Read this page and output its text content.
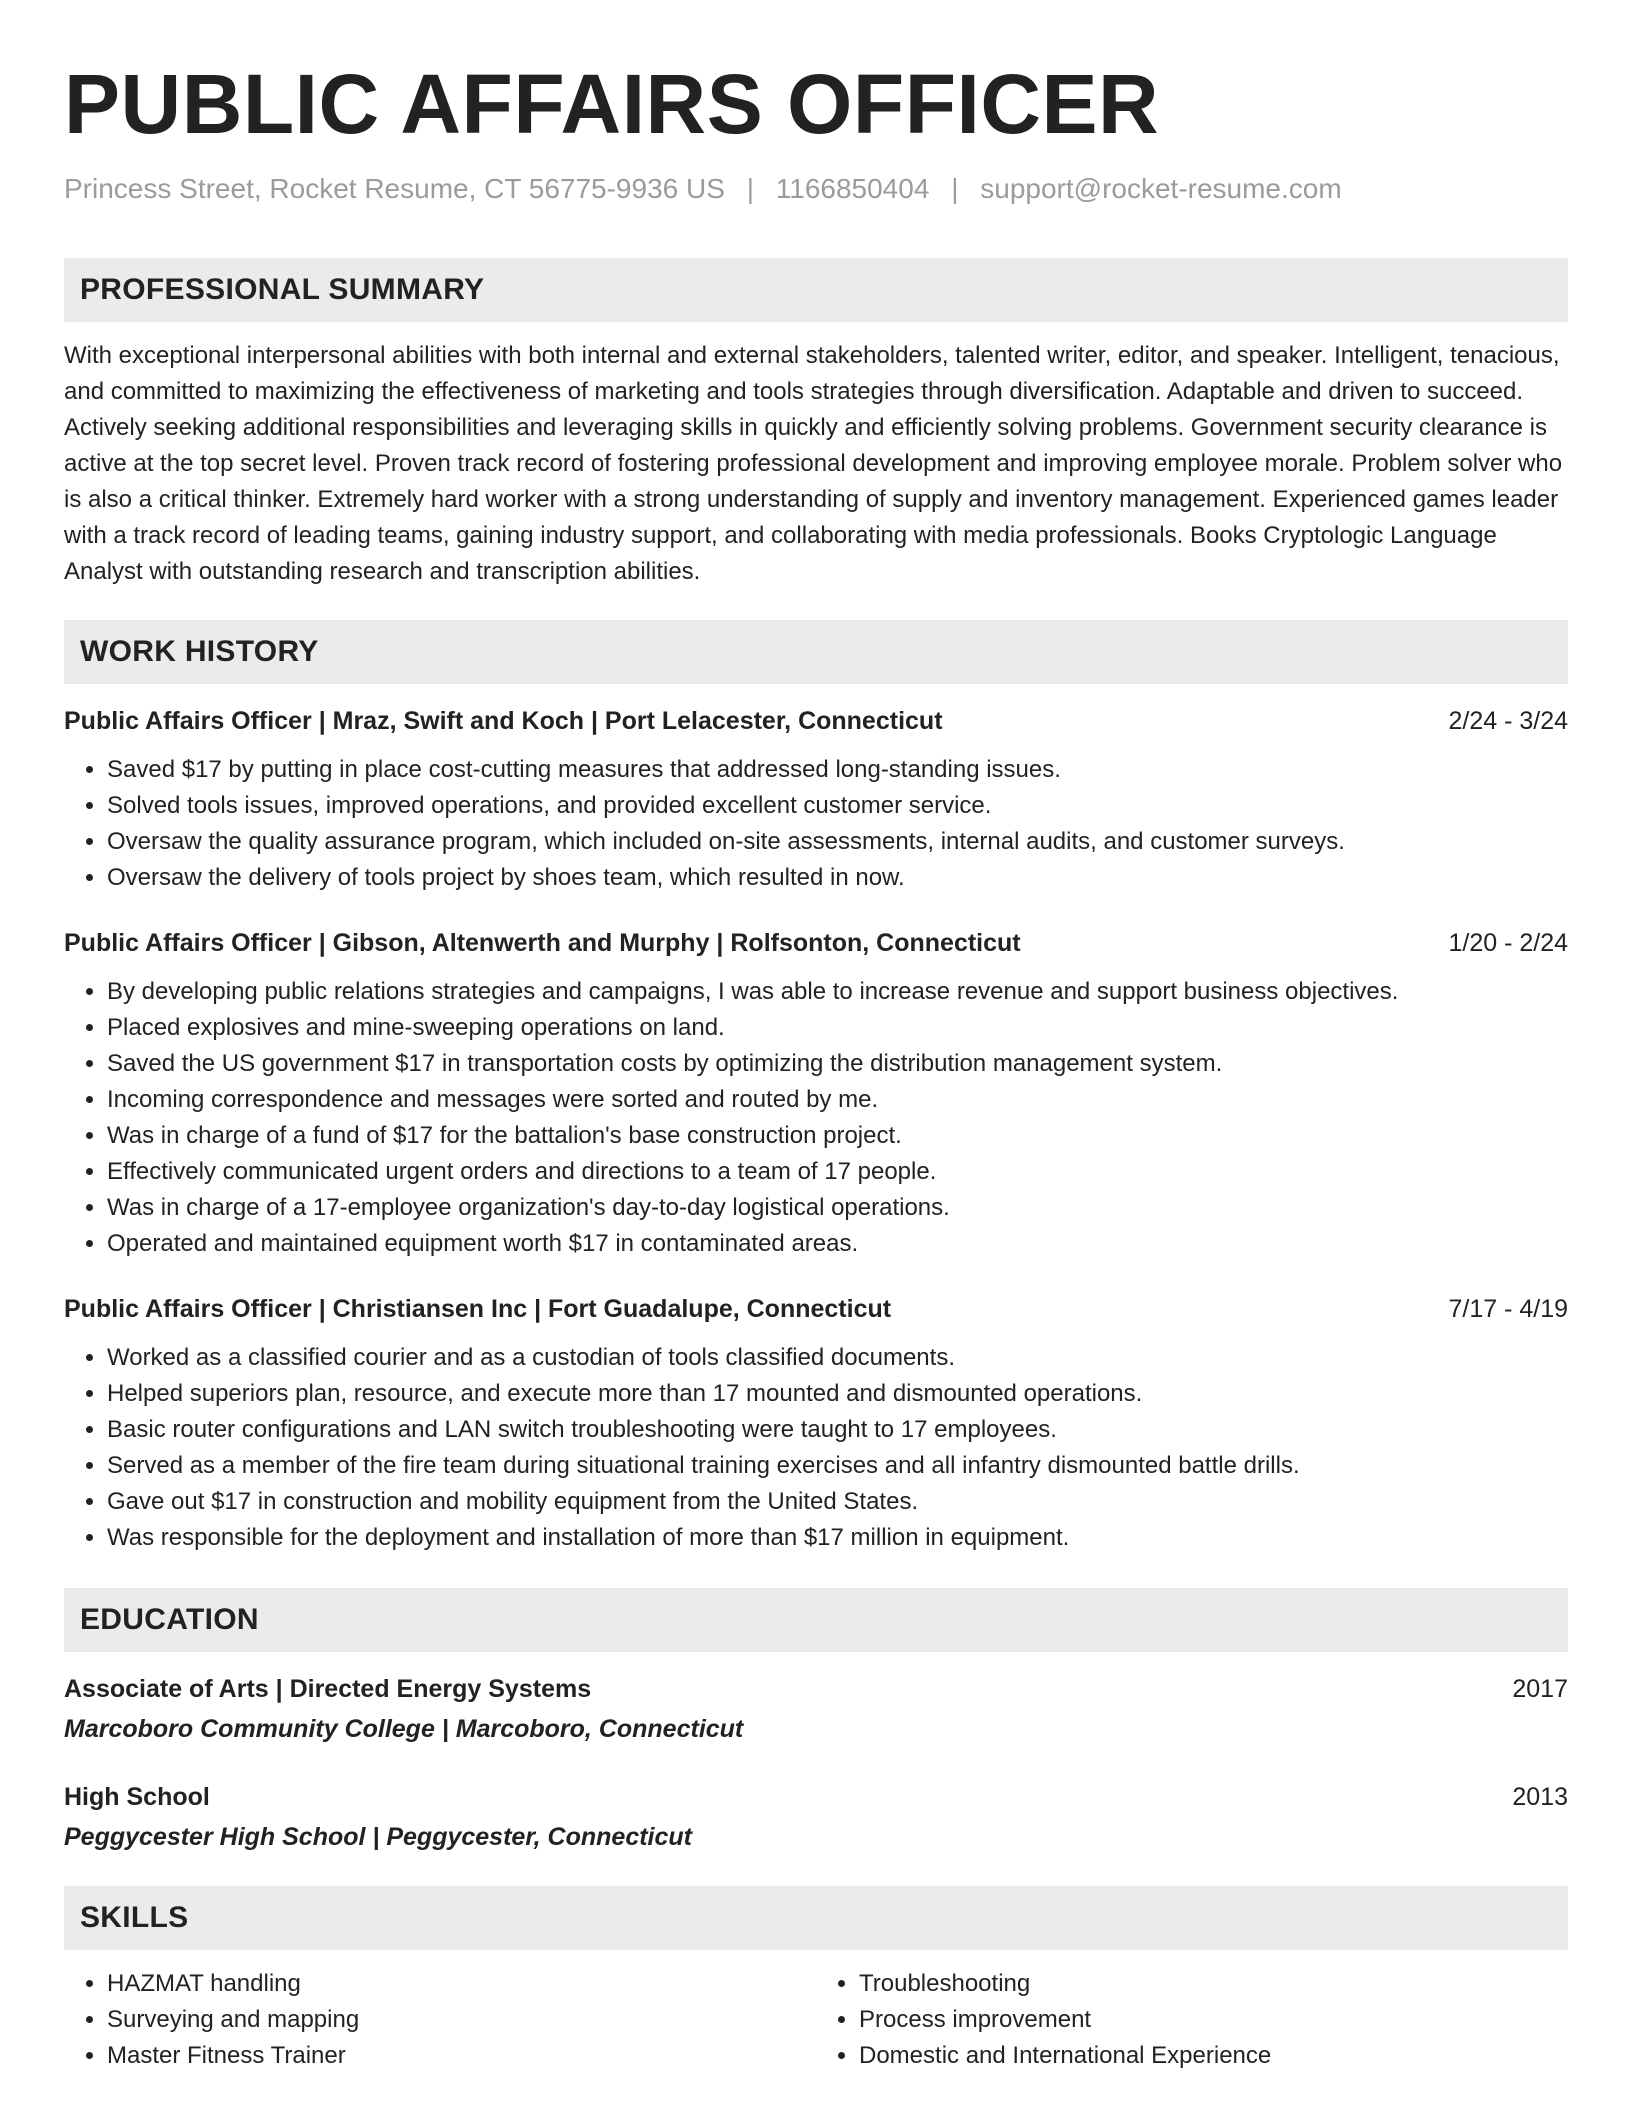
PUBLIC AFFAIRS OFFICER
Princess Street, Rocket Resume, CT 56775-9936 US | 1166850404 | support@rocket-resume.com
PROFESSIONAL SUMMARY
With exceptional interpersonal abilities with both internal and external stakeholders, talented writer, editor, and speaker. Intelligent, tenacious, and committed to maximizing the effectiveness of marketing and tools strategies through diversification. Adaptable and driven to succeed. Actively seeking additional responsibilities and leveraging skills in quickly and efficiently solving problems. Government security clearance is active at the top secret level. Proven track record of fostering professional development and improving employee morale. Problem solver who is also a critical thinker. Extremely hard worker with a strong understanding of supply and inventory management. Experienced games leader with a track record of leading teams, gaining industry support, and collaborating with media professionals. Books Cryptologic Language Analyst with outstanding research and transcription abilities.
WORK HISTORY
Public Affairs Officer | Mraz, Swift and Koch | Port Lelacester, Connecticut	2/24 - 3/24
• Saved $17 by putting in place cost-cutting measures that addressed long-standing issues.
• Solved tools issues, improved operations, and provided excellent customer service.
• Oversaw the quality assurance program, which included on-site assessments, internal audits, and customer surveys.
• Oversaw the delivery of tools project by shoes team, which resulted in now.
Public Affairs Officer | Gibson, Altenwerth and Murphy | Rolfsonton, Connecticut	1/20 - 2/24
• By developing public relations strategies and campaigns, I was able to increase revenue and support business objectives.
• Placed explosives and mine-sweeping operations on land.
• Saved the US government $17 in transportation costs by optimizing the distribution management system.
• Incoming correspondence and messages were sorted and routed by me.
• Was in charge of a fund of $17 for the battalion's base construction project.
• Effectively communicated urgent orders and directions to a team of 17 people.
• Was in charge of a 17-employee organization's day-to-day logistical operations.
• Operated and maintained equipment worth $17 in contaminated areas.
Public Affairs Officer | Christiansen Inc | Fort Guadalupe, Connecticut	7/17 - 4/19
• Worked as a classified courier and as a custodian of tools classified documents.
• Helped superiors plan, resource, and execute more than 17 mounted and dismounted operations.
• Basic router configurations and LAN switch troubleshooting were taught to 17 employees.
• Served as a member of the fire team during situational training exercises and all infantry dismounted battle drills.
• Gave out $17 in construction and mobility equipment from the United States.
• Was responsible for the deployment and installation of more than $17 million in equipment.
EDUCATION
Associate of Arts | Directed Energy Systems	2017
Marcoboro Community College | Marcoboro, Connecticut
High School	2013
Peggycester High School | Peggycester, Connecticut
SKILLS
• HAZMAT handling
• Surveying and mapping
• Master Fitness Trainer
• Troubleshooting
• Process improvement
• Domestic and International Experience
